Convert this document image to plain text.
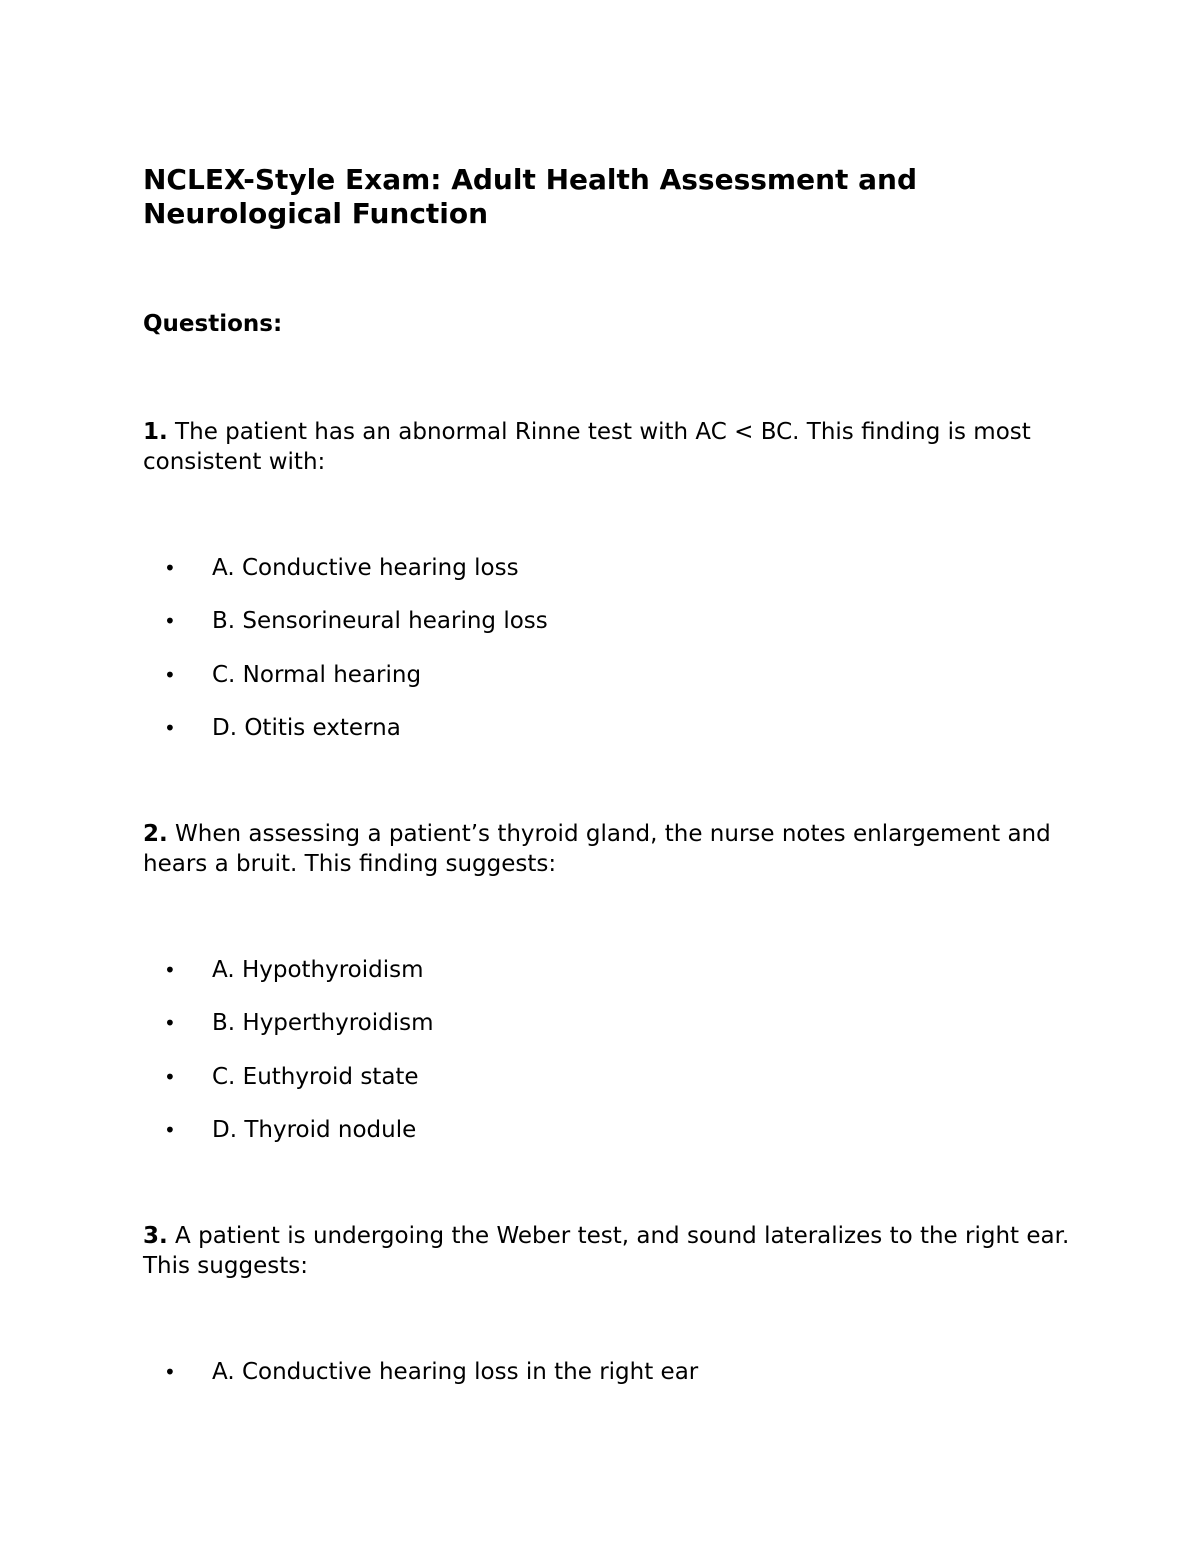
NCLEX-Style Exam: Adult Health Assessment and Neurological Function
Questions:

1. The patient has an abnormal Rinne test with AC < BC. This finding is most consistent with:

• A. Conductive hearing loss
• B. Sensorineural hearing loss
• C. Normal hearing
• D. Otitis externa

2. When assessing a patient’s thyroid gland, the nurse notes enlargement and hears a bruit. This finding suggests:

• A. Hypothyroidism
• B. Hyperthyroidism
• C. Euthyroid state
• D. Thyroid nodule

3. A patient is undergoing the Weber test, and sound lateralizes to the right ear. This suggests:

• A. Conductive hearing loss in the right ear
